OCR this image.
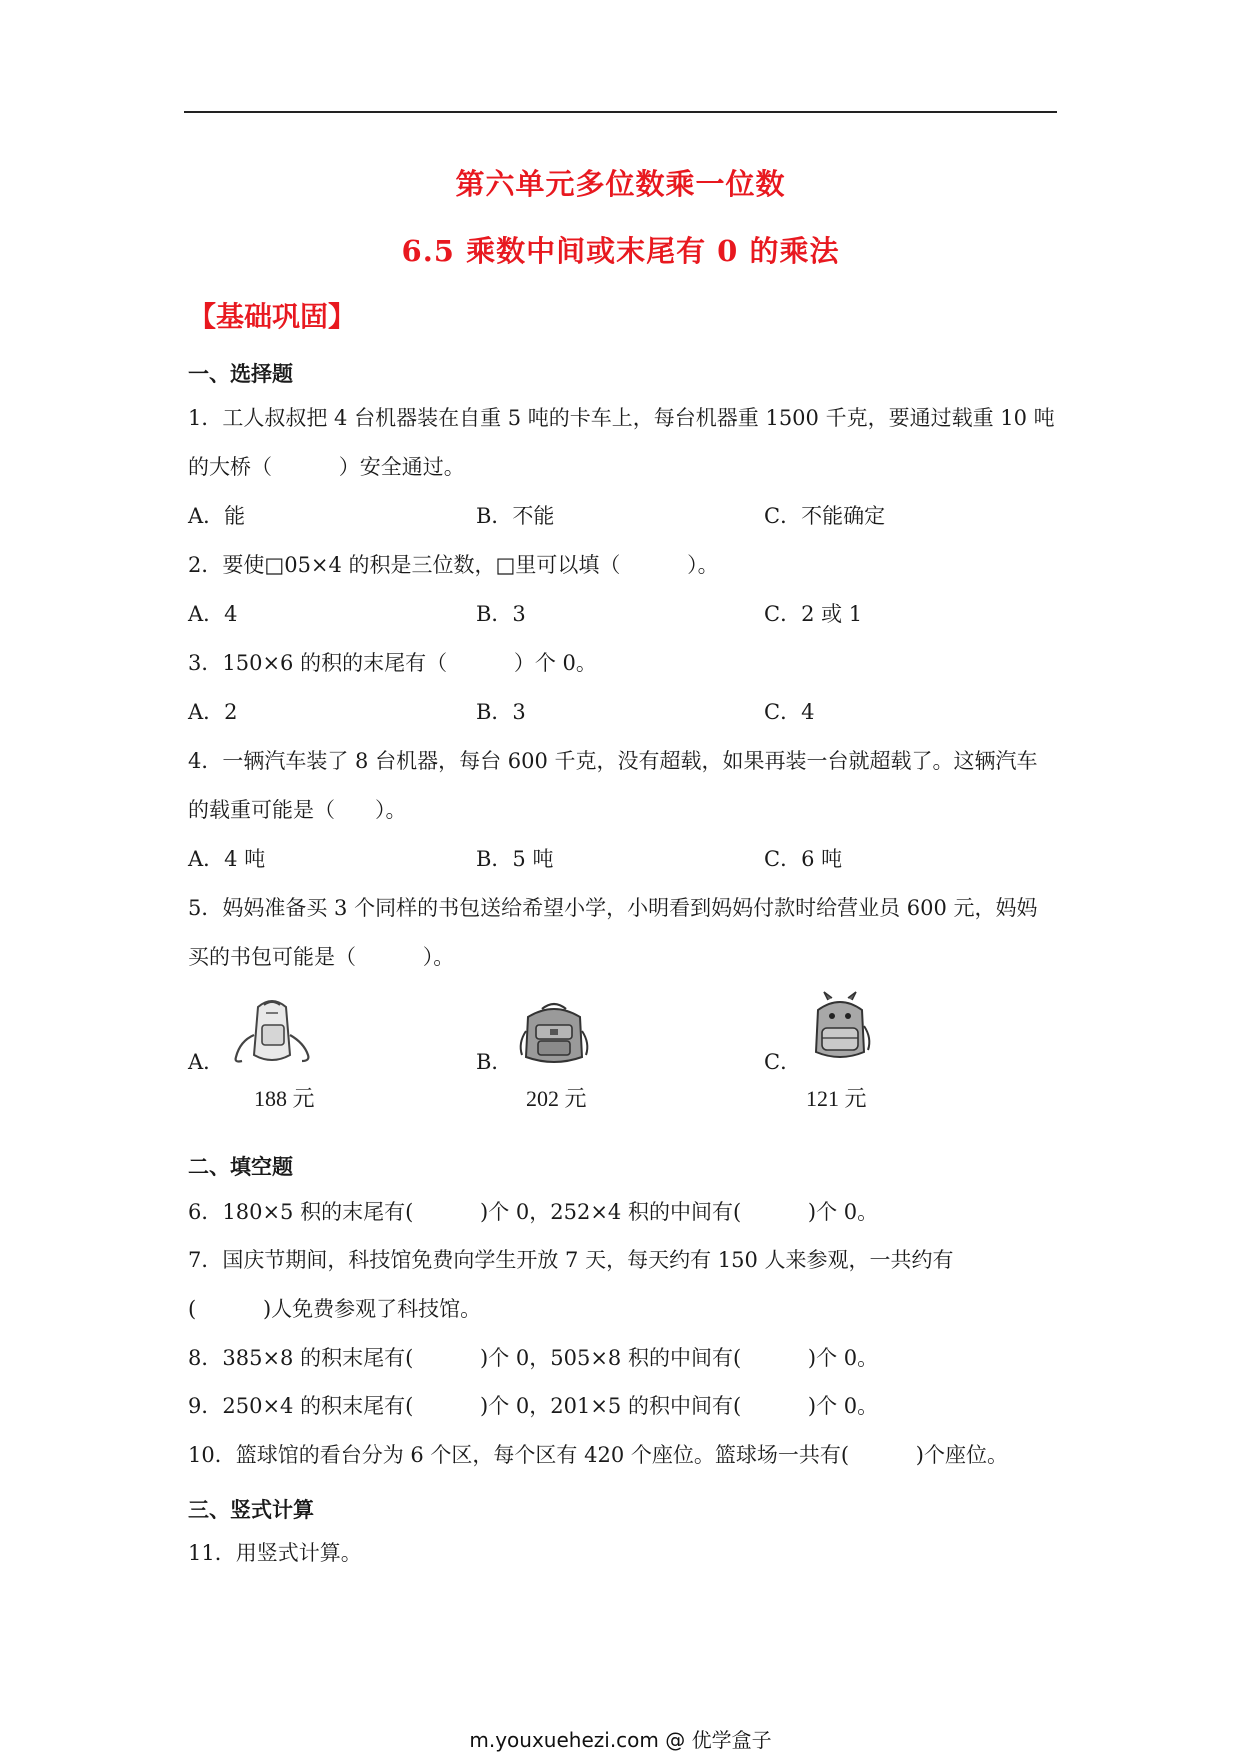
第六单元多位数乘一位数
6.5 乘数中间或末尾有 0 的乘法
【基础巩固】
一、选择题
1．工人叔叔把 4 台机器装在自重 5 吨的卡车上，每台机器重 1500 千克，要通过载重 10 吨
的大桥（          ）安全通过。
A．能	B．不能	C．不能确定
2．要使□05×4 的积是三位数，□里可以填（          ）。
A．4	B．3	C．2 或 1
3．150×6 的积的末尾有（          ）个 0。
A．2	B．3	C．4
4．一辆汽车装了 8 台机器，每台 600 千克，没有超载，如果再装一台就超载了。这辆汽车
的载重可能是（      ）。
A．4 吨	B．5 吨	C．6 吨
5．妈妈准备买 3 个同样的书包送给希望小学，小明看到妈妈付款时给营业员 600 元，妈妈
买的书包可能是（          ）。
A．	B．	C．
188 元	202 元	121 元
二、填空题
6．180×5 积的末尾有(          )个 0，252×4 积的中间有(          )个 0。
7．国庆节期间，科技馆免费向学生开放 7 天，每天约有 150 人来参观，一共约有
(          )人免费参观了科技馆。
8．385×8 的积末尾有(          )个 0，505×8 积的中间有(          )个 0。
9．250×4 的积末尾有(          )个 0，201×5 的积中间有(          )个 0。
10．篮球馆的看台分为 6 个区，每个区有 420 个座位。篮球场一共有(          )个座位。
三、竖式计算
11．用竖式计算。
m.youxuehezi.com @ 优学盒子
